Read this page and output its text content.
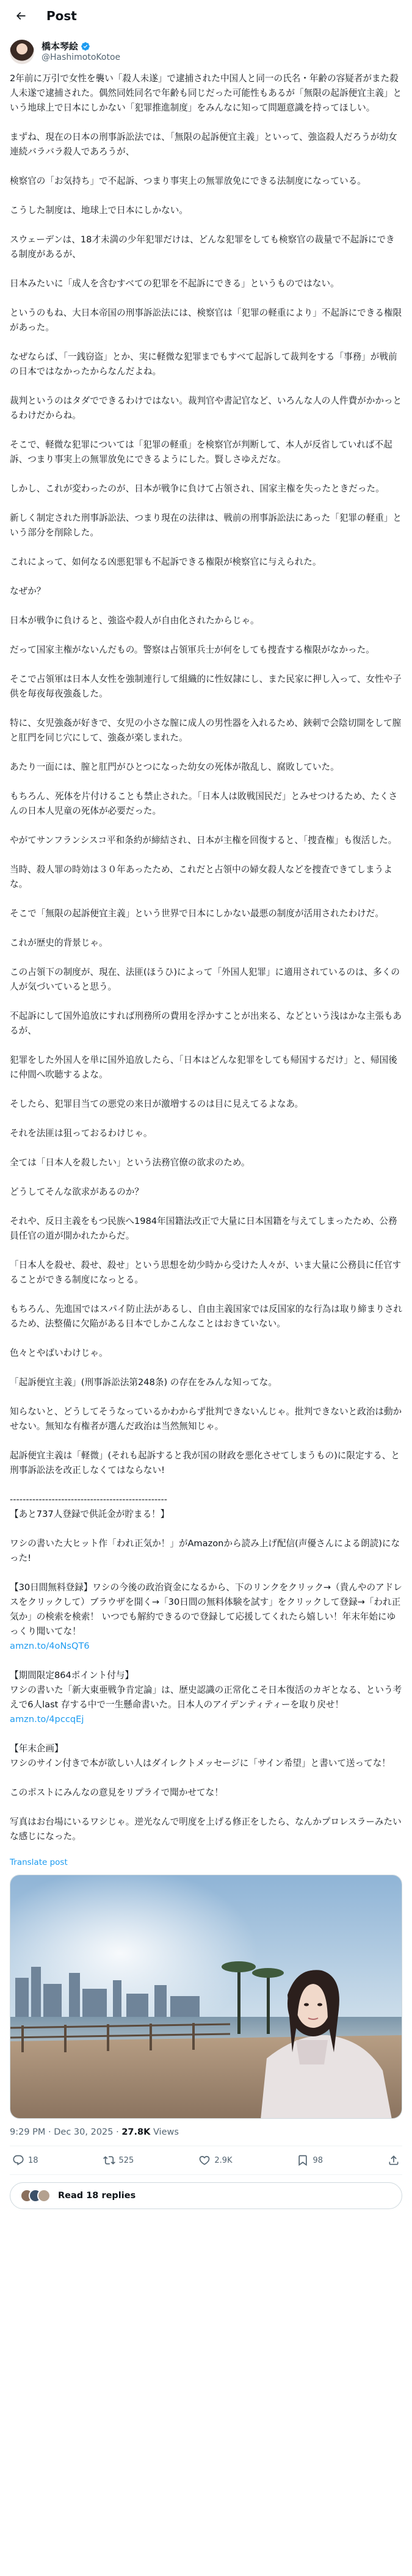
Post
橋本琴絵
@HashimotoKotoe
2年前に万引で女性を襲い「殺人未遂」で逮捕された中国人と同一の氏名・年齢の容疑者がまた殺人未遂で逮捕された。偶然同姓同名で年齢も同じだった可能性もあるが「無限の起訴便宜主義」という地球上で日本にしかない「犯罪推進制度」をみんなに知って問題意識を持ってほしい。
まずね、現在の日本の刑事訴訟法では、「無限の起訴便宜主義」といって、強盗殺人だろうが幼女連続バラバラ殺人であろうが、
検察官の「お気持ち」で不起訴、つまり事実上の無罪放免にできる法制度になっている。
こうした制度は、地球上で日本にしかない。
スウェーデンは、18才未満の少年犯罪だけは、どんな犯罪をしても検察官の裁量で不起訴にできる制度があるが、
日本みたいに「成人を含むすべての犯罪を不起訴にできる」というものではない。
というのもね、大日本帝国の刑事訴訟法には、検察官は「犯罪の軽重により」不起訴にできる権限があった。
なぜならば、「一銭窃盗」とか、実に軽微な犯罪までもすべて起訴して裁判をする「事務」が戦前の日本ではなかったからなんだよね。
裁判というのはタダでできるわけではない。裁判官や書記官など、いろんな人の人件費がかかっとるわけだからね。
そこで、軽微な犯罪については「犯罪の軽重」を検察官が判断して、本人が反省していれば不起訴、つまり事実上の無罪放免にできるようにした。賢しさゆえだな。
しかし、これが変わったのが、日本が戦争に負けて占領され、国家主権を失ったときだった。
新しく制定された刑事訴訟法、つまり現在の法律は、戦前の刑事訴訟法にあった「犯罪の軽重」という部分を削除した。
これによって、如何なる凶悪犯罪も不起訴できる権限が検察官に与えられた。
なぜか？
日本が戦争に負けると、強盗や殺人が自由化されたからじゃ。
だって国家主権がないんだもの。警察は占領軍兵士が何をしても捜査する権限がなかった。
そこで占領軍は日本人女性を強制連行して組織的に性奴隷にし、また民家に押し入って、女性や子供を毎夜毎夜強姦した。
特に、女児強姦が好きで、女児の小さな膣に成人の男性器を入れるため、鋏刺で会陰切開をして膣と肛門を同じ穴にして、強姦が楽しまれた。
あたり一面には、膣と肛門がひとつになった幼女の死体が散乱し、腐敗していた。
もちろん、死体を片付けることも禁止された。「日本人は敗戦国民だ」とみせつけるため、たくさんの日本人児童の死体が必要だった。
やがてサンフランシスコ平和条約が締結され、日本が主権を回復すると、「捜査権」も復活した。
当時、殺人罪の時効は３０年あったため、これだと占領中の婦女殺人などを捜査できてしまうよな。
そこで「無限の起訴便宜主義」という世界で日本にしかない最悪の制度が活用されたわけだ。
これが歴史的背景じゃ。
この占領下の制度が、現在、法匪(ほうひ)によって「外国人犯罪」に適用されているのは、多くの人が気づいていると思う。
不起訴にして国外追放にすれば刑務所の費用を浮かすことが出来る、などという浅はかな主張もあるが、
犯罪をした外国人を単に国外追放したら、「日本はどんな犯罪をしても帰国するだけ」と、帰国後に仲間へ吹聴するよな。
そしたら、犯罪目当ての悪党の来日が激増するのは目に見えてるよなあ。
それを法匪は狙っておるわけじゃ。
全ては「日本人を殺したい」という法務官僚の欲求のため。
どうしてそんな欲求があるのか？
それや、反日主義をもつ民族へ1984年国籍法改正で大量に日本国籍を与えてしまったため、公務員任官の道が開かれたからだ。
「日本人を殺せ、殺せ、殺せ」という思想を幼少時から受けた人々が、いま大量に公務員に任官することができる制度になっとる。
もちろん、先進国ではスパイ防止法があるし、自由主義国家では反国家的な行為は取り締まりされるため、法整備に欠陥がある日本でしかこんなことはおきていない。
色々とやばいわけじゃ。
「起訴便宜主義」(刑事訴訟法第248条) の存在をみんな知ってな。
知らないと、どうしてそうなっているかわからず批判できないんじゃ。批判できないと政治は動かせない。無知な有権者が選んだ政治は当然無知じゃ。
起訴便宜主義は「軽微」(それも起訴すると我が国の財政を悪化させてしまうもの)に限定する、と刑事訴訟法を改正しなくてはならない!
-------------------------------------------------
【あと737人登録で供託金が貯まる！】
ワシの書いた大ヒット作「われ正気か！」がAmazonから読み上げ配信(声優さんによる朗読)になった!
【30日間無料登録】ワシの今後の政治資金になるから、下のリンクをクリック→（貴んやのアドレスをクリックして）ブラウザを開く→「30日間の無料体験を試す」をクリックして登録→「われ正気か」の検索を検索！ いつでも解約できるので登録して応援してくれたら嬉しい！年末年始にゆっくり聞いてな！
amzn.to/4oNsQT6
【期間限定864ポイント付与】
ワシの書いた「新大東亜戦争肯定論」は、歴史認識の正常化こそ日本復活のカギとなる、という考えで6人last 存する中で一生懸命書いた。日本人のアイデンティティーを取り戻せ！
amzn.to/4pccqEj
【年末企画】
ワシのサイン付きで本が欲しい人はダイレクトメッセージに「サイン希望」と書いて送ってな！
このポストにみんなの意見をリプライで聞かせてな！
写真はお台場にいるワシじゃ。逆光なんで明度を上げる修正をしたら、なんかプロレスラーみたいな感じになった。
Translate post
9:29 PM · Dec 30, 2025 · 27.8K Views
18	525	2.9K	98
Read 18 replies
